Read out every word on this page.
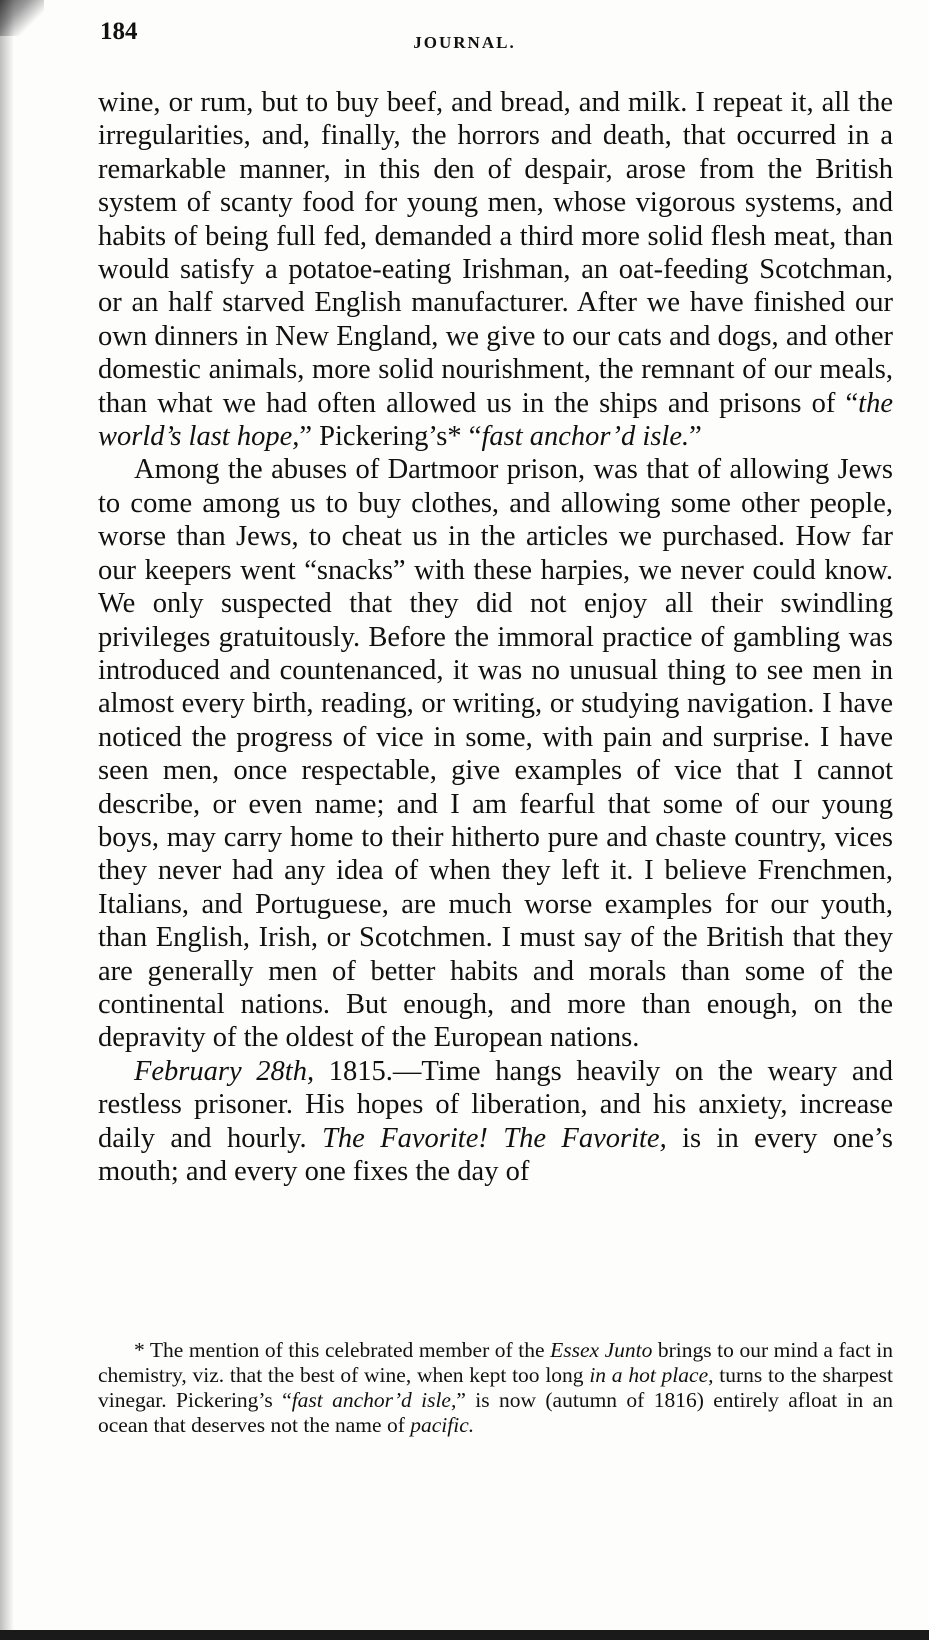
184	JOURNAL.

wine, or rum, but to buy beef, and bread, and milk. I repeat it, all the irregularities, and, finally, the horrors and death, that occurred in a remarkable manner, in this den of despair, arose from the British system of scanty food for young men, whose vigorous systems, and habits of being full fed, demanded a third more solid flesh meat, than would satisfy a potatoe-eating Irishman, an oat-feeding Scotchman, or an half starved English manufacturer. After we have finished our own dinners in New England, we give to our cats and dogs, and other domestic animals, more solid nourishment, the remnant of our meals, than what we had often allowed us in the ships and prisons of “the world’s last hope,” Pickering’s* “fast anchor’d isle.”

Among the abuses of Dartmoor prison, was that of allowing Jews to come among us to buy clothes, and allowing some other people, worse than Jews, to cheat us in the articles we purchased. How far our keepers went “snacks” with these harpies, we never could know. We only suspected that they did not enjoy all their swindling privileges gratuitously. Before the immoral practice of gambling was introduced and countenanced, it was no unusual thing to see men in almost every birth, reading, or writing, or studying navigation. I have noticed the progress of vice in some, with pain and surprise. I have seen men, once respectable, give examples of vice that I cannot describe, or even name; and I am fearful that some of our young boys, may carry home to their hitherto pure and chaste country, vices they never had any idea of when they left it. I believe Frenchmen, Italians, and Portuguese, are much worse examples for our youth, than English, Irish, or Scotchmen. I must say of the British that they are generally men of better habits and morals than some of the continental nations. But enough, and more than enough, on the depravity of the oldest of the European nations.

February 28th, 1815.—Time hangs heavily on the weary and restless prisoner. His hopes of liberation, and his anxiety, increase daily and hourly. The Favorite! The Favorite, is in every one’s mouth; and every one fixes the day of

* The mention of this celebrated member of the Essex Junto brings to our mind a fact in chemistry, viz. that the best of wine, when kept too long in a hot place, turns to the sharpest vinegar. Pickering’s “fast anchor’d isle,” is now (autumn of 1816) entirely afloat in an ocean that deserves not the name of pacific.
